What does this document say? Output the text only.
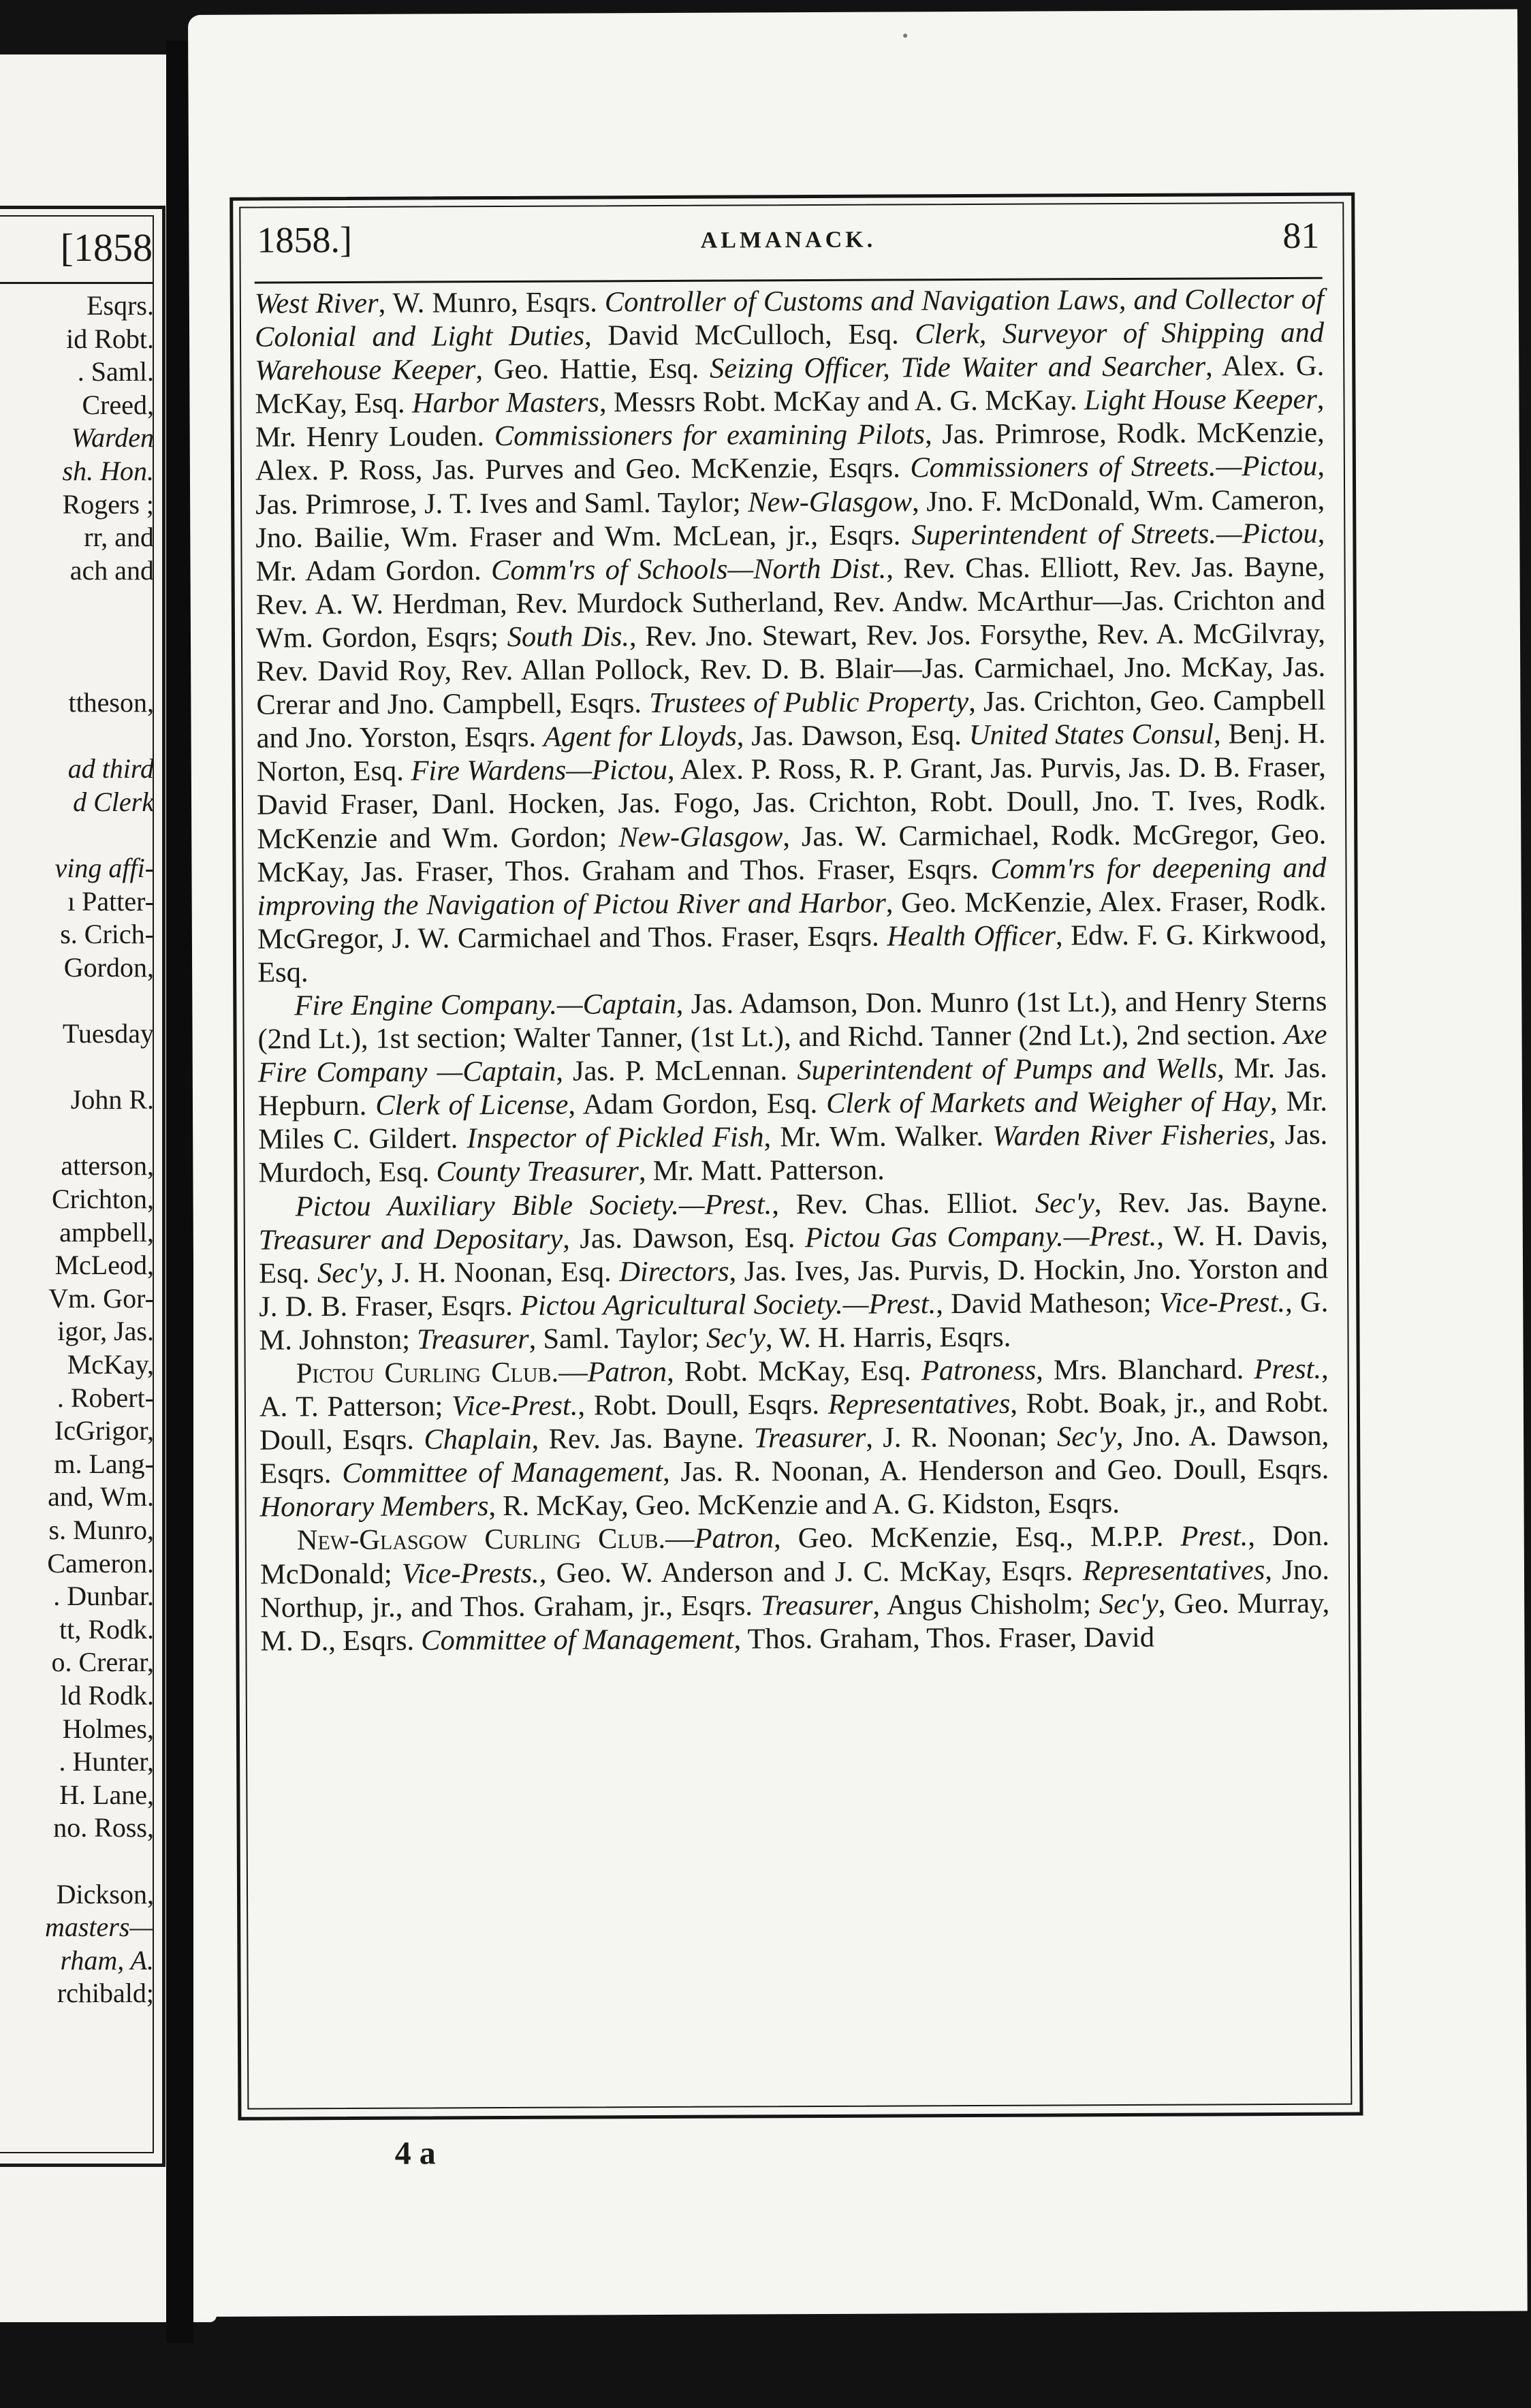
[1858
Esqrs.
id Robt.
. Saml.
Creed,
Warden
sh. Hon.
Rogers ;
rr, and
ach and

ttheson,

ad third
d Clerk

ving affi-
ı Patter-
s. Crich-
Gordon,

Tuesday

John R.

atterson,
Crichton,
ampbell,
McLeod,
Vm. Gor-
igor, Jas.
McKay,
. Robert-
IcGrigor,
m. Lang-
and, Wm.
s. Munro,
Cameron.
. Dunbar.
tt, Rodk.
o. Crerar,
ld Rodk.
Holmes,
. Hunter,
H. Lane,
no. Ross,

Dickson,
masters—
rham, A.
rchibald;
1858.]	ALMANACK.	81

West River, W. Munro, Esqrs. Controller of Customs and Navigation Laws, and Collector of Colonial and Light Duties, David McCulloch, Esq. Clerk, Surveyor of Shipping and Warehouse Keeper, Geo. Hattie, Esq. Seizing Officer, Tide Waiter and Searcher, Alex. G. McKay, Esq. Harbor Masters, Messrs Robt. McKay and A. G. McKay. Light House Keeper, Mr. Henry Louden. Commissioners for examining Pilots, Jas. Primrose, Rodk. McKenzie, Alex. P. Ross, Jas. Purves and Geo. McKenzie, Esqrs. Commissioners of Streets.—Pictou, Jas. Primrose, J. T. Ives and Saml. Taylor; New-Glasgow, Jno. F. McDonald, Wm. Cameron, Jno. Bailie, Wm. Fraser and Wm. McLean, jr., Esqrs. Superintendent of Streets.—Pictou, Mr. Adam Gordon. Comm'rs of Schools—North Dist., Rev. Chas. Elliott, Rev. Jas. Bayne, Rev. A. W. Herdman, Rev. Murdock Sutherland, Rev. Andw. McArthur—Jas. Crichton and Wm. Gordon, Esqrs; South Dis., Rev. Jno. Stewart, Rev. Jos. Forsythe, Rev. A. McGilvray, Rev. David Roy, Rev. Allan Pollock, Rev. D. B. Blair—Jas. Carmichael, Jno. McKay, Jas. Crerar and Jno. Campbell, Esqrs. Trustees of Public Property, Jas. Crichton, Geo. Campbell and Jno. Yorston, Esqrs. Agent for Lloyds, Jas. Dawson, Esq. United States Consul, Benj. H. Norton, Esq. Fire Wardens—Pictou, Alex. P. Ross, R. P. Grant, Jas. Purvis, Jas. D. B. Fraser, David Fraser, Danl. Hocken, Jas. Fogo, Jas. Crichton, Robt. Doull, Jno. T. Ives, Rodk. McKenzie and Wm. Gordon; New-Glasgow, Jas. W. Carmichael, Rodk. McGregor, Geo. McKay, Jas. Fraser, Thos. Graham and Thos. Fraser, Esqrs. Comm'rs for deepening and improving the Navigation of Pictou River and Harbor, Geo. McKenzie, Alex. Fraser, Rodk. McGregor, J. W. Carmichael and Thos. Fraser, Esqrs. Health Officer, Edw. F. G. Kirkwood, Esq.

Fire Engine Company.—Captain, Jas. Adamson, Don. Munro (1st Lt.), and Henry Sterns (2nd Lt.), 1st section; Walter Tanner, (1st Lt.), and Richd. Tanner (2nd Lt.), 2nd section. Axe Fire Company —Captain, Jas. P. McLennan. Superintendent of Pumps and Wells, Mr. Jas. Hepburn. Clerk of License, Adam Gordon, Esq. Clerk of Markets and Weigher of Hay, Mr. Miles C. Gildert. Inspector of Pickled Fish, Mr. Wm. Walker. Warden River Fisheries, Jas. Murdoch, Esq. County Treasurer, Mr. Matt. Patterson.

Pictou Auxiliary Bible Society.—Prest., Rev. Chas. Elliot. Sec'y, Rev. Jas. Bayne. Treasurer and Depositary, Jas. Dawson, Esq. Pictou Gas Company.—Prest., W. H. Davis, Esq. Sec'y, J. H. Noonan, Esq. Directors, Jas. Ives, Jas. Purvis, D. Hockin, Jno. Yorston and J. D. B. Fraser, Esqrs. Pictou Agricultural Society.—Prest., David Matheson; Vice-Prest., G. M. Johnston; Treasurer, Saml. Taylor; Sec'y, W. H. Harris, Esqrs.

Pictou Curling Club.—Patron, Robt. McKay, Esq. Patroness, Mrs. Blanchard. Prest., A. T. Patterson; Vice-Prest., Robt. Doull, Esqrs. Representatives, Robt. Boak, jr., and Robt. Doull, Esqrs. Chaplain, Rev. Jas. Bayne. Treasurer, J. R. Noonan; Sec'y, Jno. A. Dawson, Esqrs. Committee of Management, Jas. R. Noonan, A. Henderson and Geo. Doull, Esqrs. Honorary Members, R. McKay, Geo. McKenzie and A. G. Kidston, Esqrs.

New-Glasgow Curling Club.—Patron, Geo. McKenzie, Esq., M.P.P. Prest., Don. McDonald; Vice-Prests., Geo. W. Anderson and J. C. McKay, Esqrs. Representatives, Jno. Northup, jr., and Thos. Graham, jr., Esqrs. Treasurer, Angus Chisholm; Sec'y, Geo. Murray, M. D., Esqrs. Committee of Management, Thos. Graham, Thos. Fraser, David

4 a
